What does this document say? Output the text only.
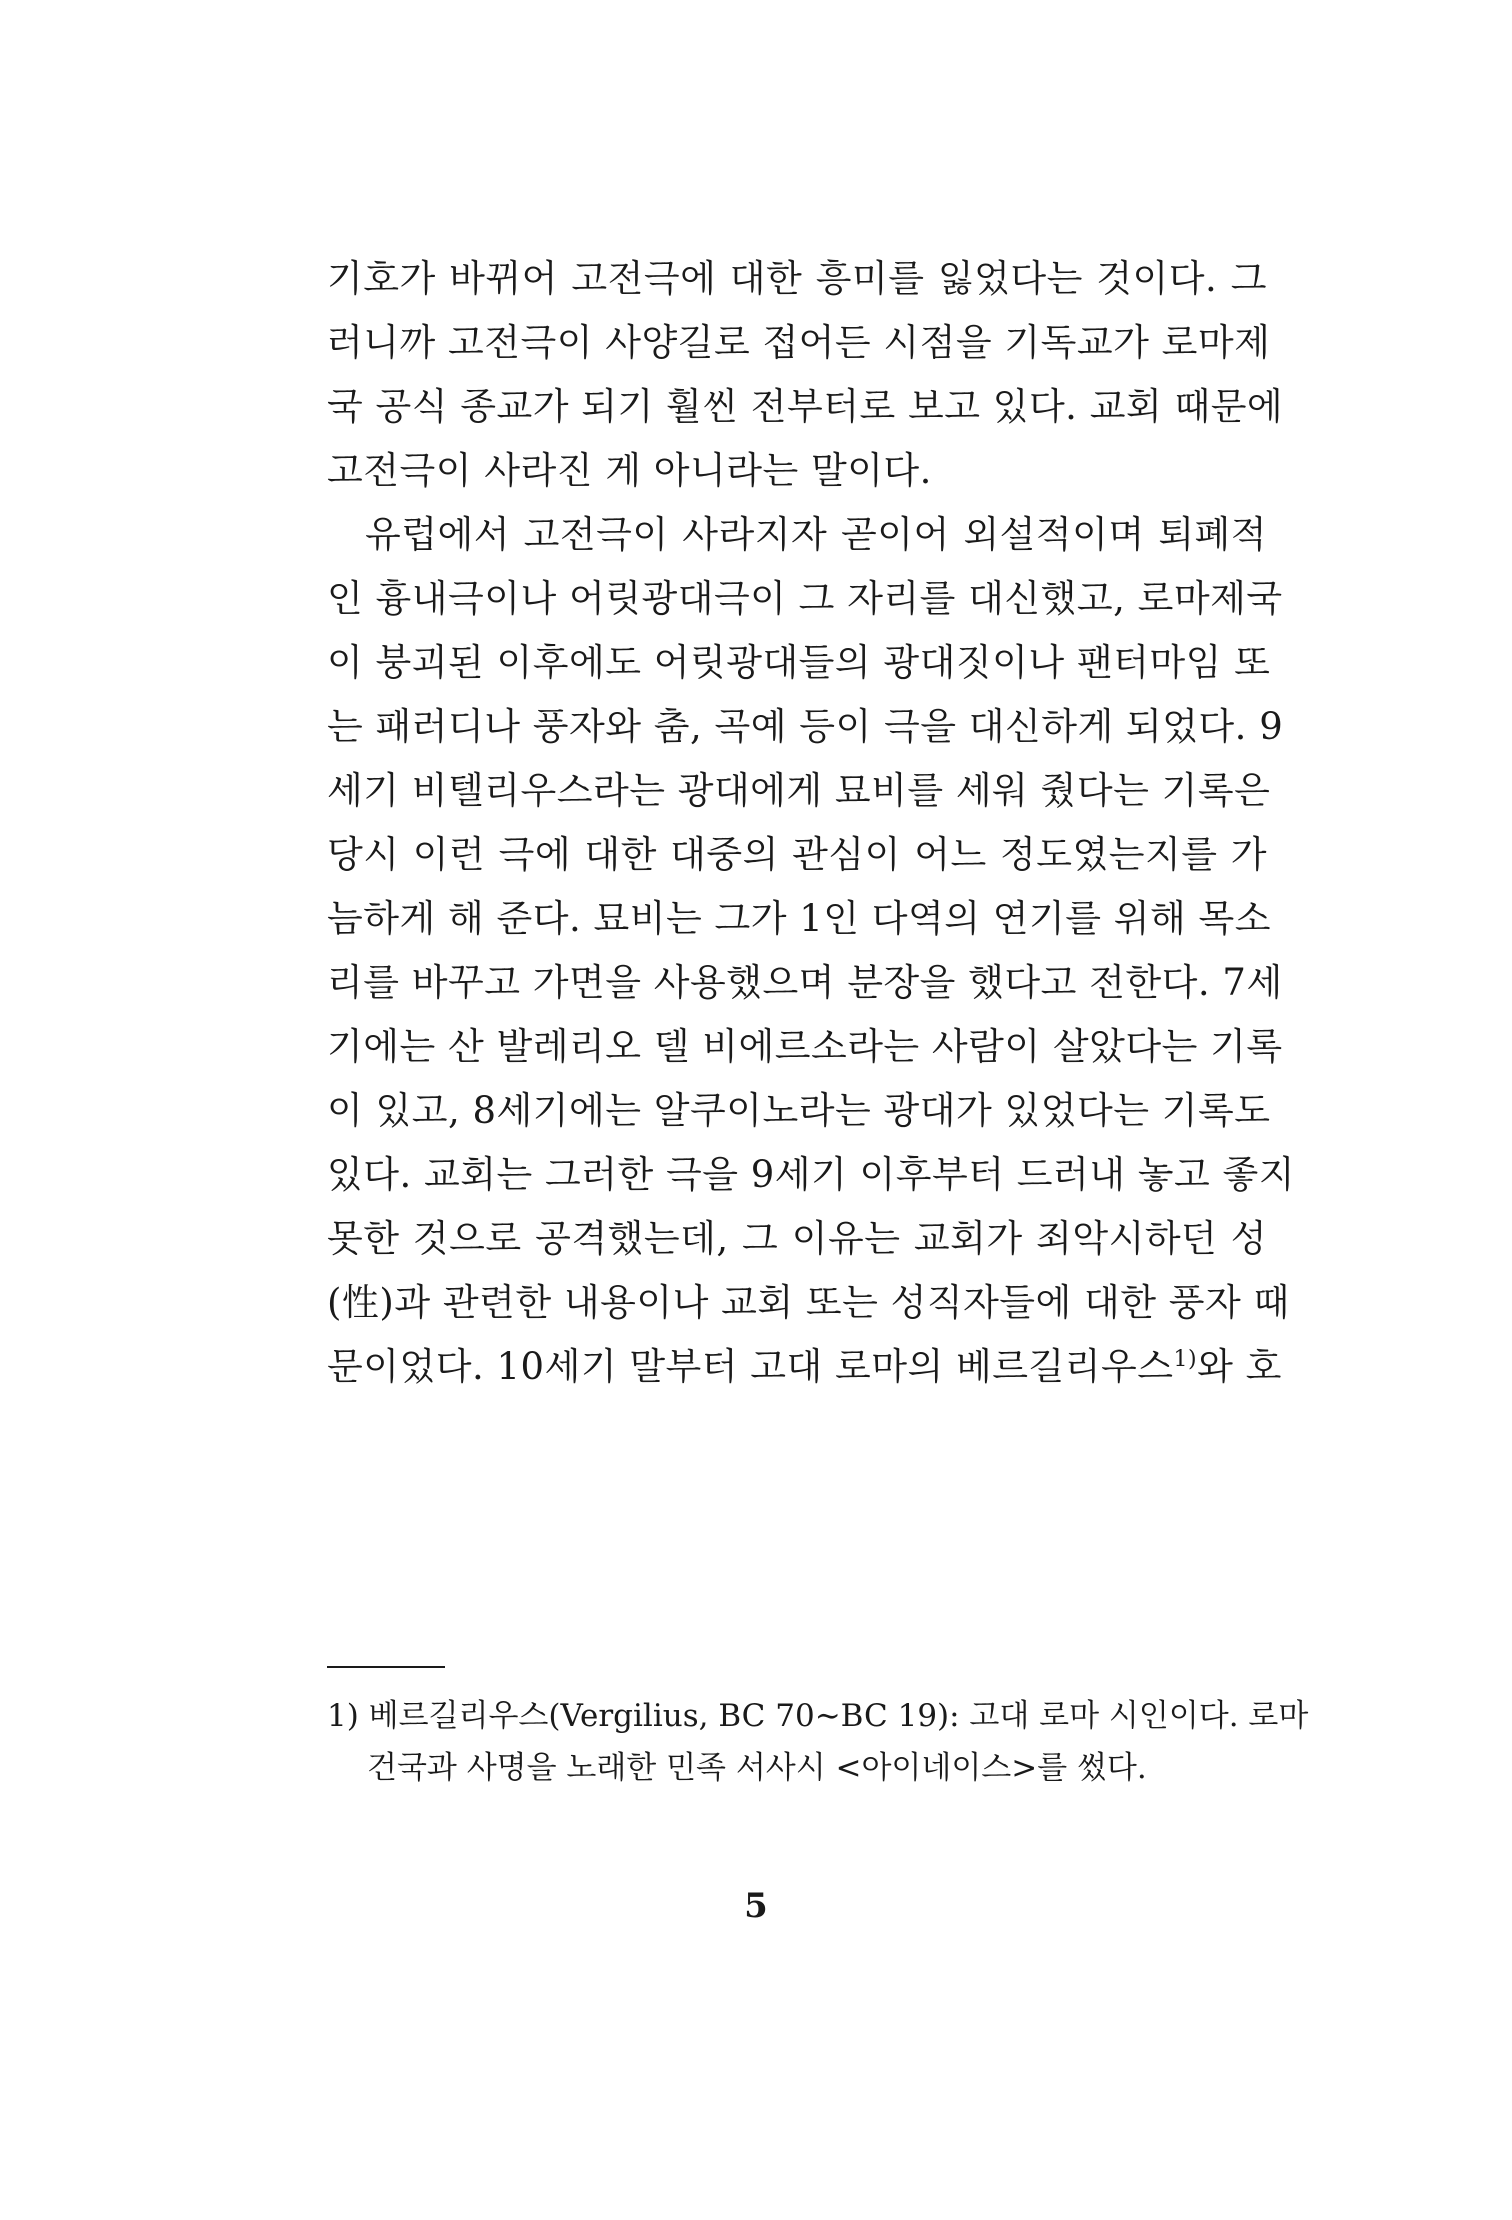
기호가 바뀌어 고전극에 대한 흥미를 잃었다는 것이다. 그
러니까 고전극이 사양길로 접어든 시점을 기독교가 로마제
국 공식 종교가 되기 훨씬 전부터로 보고 있다. 교회 때문에
고전극이 사라진 게 아니라는 말이다.
유럽에서 고전극이 사라지자 곧이어 외설적이며 퇴폐적
인 흉내극이나 어릿광대극이 그 자리를 대신했고, 로마제국
이 붕괴된 이후에도 어릿광대들의 광대짓이나 팬터마임 또
는 패러디나 풍자와 춤, 곡예 등이 극을 대신하게 되었다. 9
세기 비텔리우스라는 광대에게 묘비를 세워 줬다는 기록은
당시 이런 극에 대한 대중의 관심이 어느 정도였는지를 가
늠하게 해 준다. 묘비는 그가 1인 다역의 연기를 위해 목소
리를 바꾸고 가면을 사용했으며 분장을 했다고 전한다. 7세
기에는 산 발레리오 델 비에르소라는 사람이 살았다는 기록
이 있고, 8세기에는 알쿠이노라는 광대가 있었다는 기록도
있다. 교회는 그러한 극을 9세기 이후부터 드러내 놓고 좋지
못한 것으로 공격했는데, 그 이유는 교회가 죄악시하던 성
(性)과 관련한 내용이나 교회 또는 성직자들에 대한 풍자 때
문이었다. 10세기 말부터 고대 로마의 베르길리우스$^{1)}$와 호
1) 베르길리우스(Vergilius, BC 70∼BC 19): 고대 로마 시인이다. 로마
건국과 사명을 노래한 민족 서사시 <아이네이스>를 썼다.
5
